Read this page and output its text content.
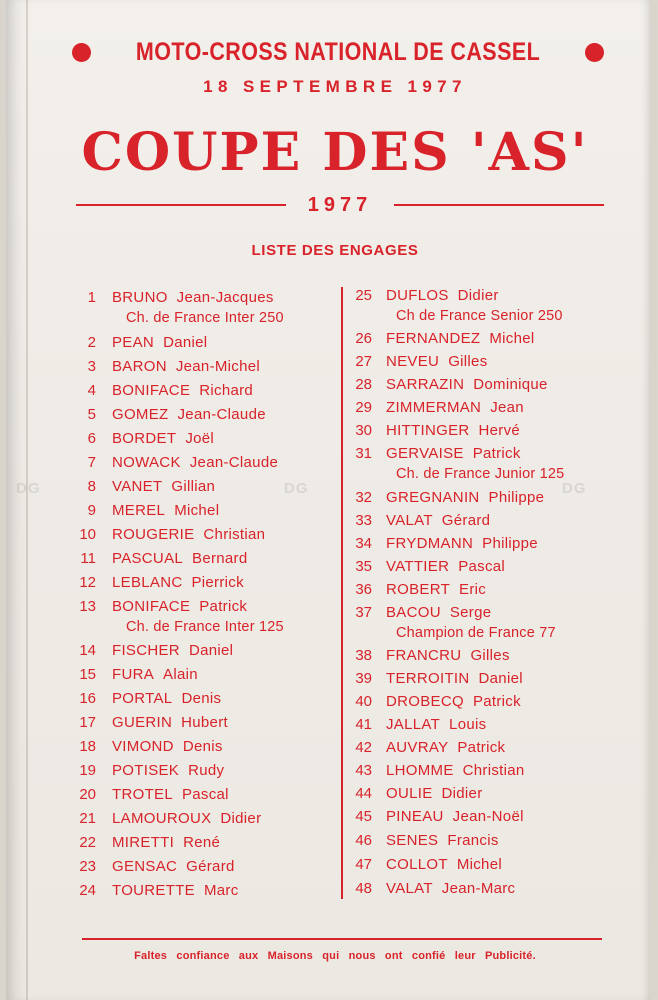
MOTO-CROSS NATIONAL DE CASSEL
18 SEPTEMBRE 1977
COUPE DES 'AS'
1977
LISTE DES ENGAGES
1 BRUNO Jean-Jacques
Ch. de France Inter 250
2 PEAN Daniel
3 BARON Jean-Michel
4 BONIFACE Richard
5 GOMEZ Jean-Claude
6 BORDET Joël
7 NOWACK Jean-Claude
8 VANET Gillian
9 MEREL Michel
10 ROUGERIE Christian
11 PASCUAL Bernard
12 LEBLANC Pierrick
13 BONIFACE Patrick
Ch. de France Inter 125
14 FISCHER Daniel
15 FURA Alain
16 PORTAL Denis
17 GUERIN Hubert
18 VIMOND Denis
19 POTISEK Rudy
20 TROTEL Pascal
21 LAMOUROUX Didier
22 MIRETTI René
23 GENSAC Gérard
24 TOURETTE Marc
25 DUFLOS Didier
Ch de France Senior 250
26 FERNANDEZ Michel
27 NEVEU Gilles
28 SARRAZIN Dominique
29 ZIMMERMAN Jean
30 HITTINGER Hervé
31 GERVAISE Patrick
Ch. de France Junior 125
32 GREGNANIN Philippe
33 VALAT Gérard
34 FRYDMANN Philippe
35 VATTIER Pascal
36 ROBERT Eric
37 BACOU Serge
Champion de France 77
38 FRANCRU Gilles
39 TERROITIN Daniel
40 DROBECQ Patrick
41 JALLAT Louis
42 AUVRAY Patrick
43 LHOMME Christian
44 OULIE Didier
45 PINEAU Jean-Noël
46 SENES Francis
47 COLLOT Michel
48 VALAT Jean-Marc
DG	DG	DG
Faltes confiance aux Maisons qui nous ont confié leur Publicité.
